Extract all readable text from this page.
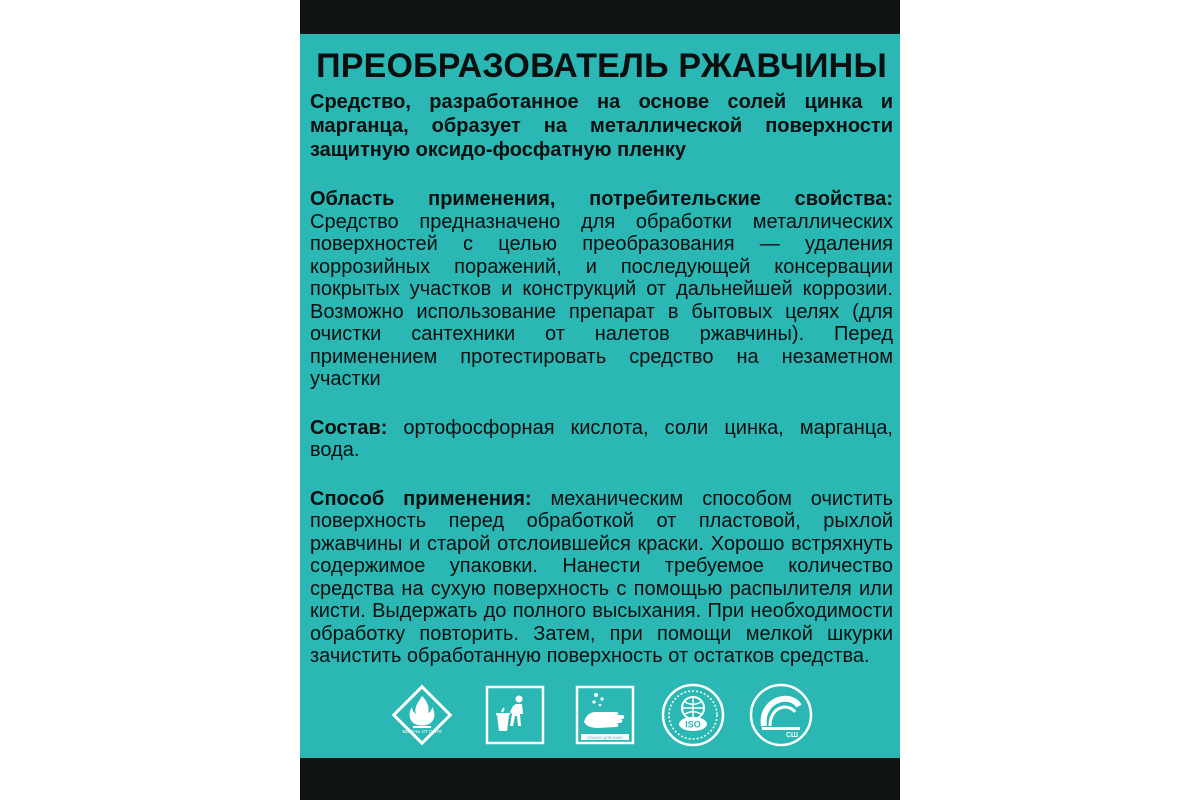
ПРЕОБРАЗОВАТЕЛЬ РЖАВЧИНЫ

Средство, разработанное на основе солей цинка и марганца, образует на металлической поверхности защитную оксидо-фосфатную пленку

Область применения, потребительские свойства: Средство предназначено для обработки металлических поверхностей с целью преобразования — удаления коррозийных поражений, и последующей консервации покрытых участков и конструкций от дальнейшей коррозии. Возможно использование препарат в бытовых целях (для очистки сантехники от налетов ржавчины). Перед применением протестировать средство на незаметном участки

Состав: ортофосфорная кислота, соли цинка, марганца, вода.

Способ применения: механическим способом очистить поверхность перед обработкой от пластовой, рыхлой ржавчины и старой отслоившейся краски. Хорошо встряхнуть содержимое упаковки. Нанести требуемое количество средства на сухую поверхность с помощью распылителя или кисти. Выдержать до полного высыхания. При необходимости обработку повторить. Затем, при помощи мелкой шкурки зачистить обработанную поверхность от остатков средства.

БЕРЕЧЬ ОТ ОГНЯ
ОПАСНО ДЛЯ КОЖИ
ISO
СШ
